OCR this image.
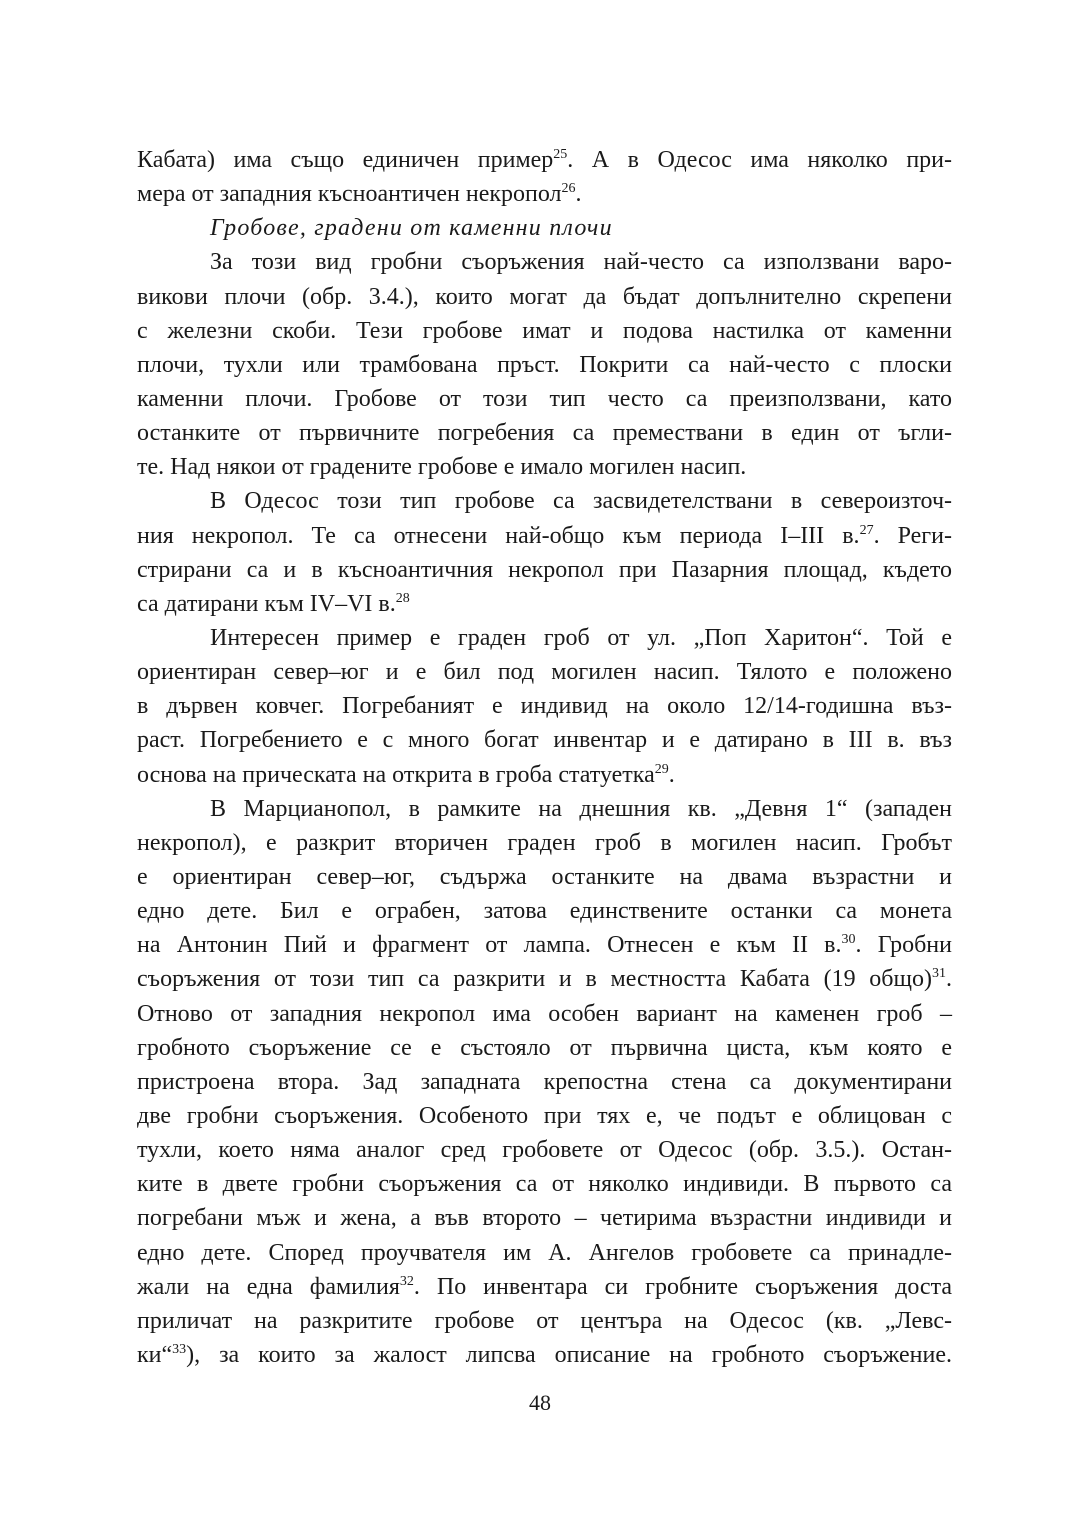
Кабата) има също единичен пример$^{25}$. А в Одесос има няколко при-
мера от западния късноантичен некропол$^{26}$.
Гробове, градени от каменни плочи
За този вид гробни съоръжения най-често са използвани варо-
викови плочи (обр. 3.4.), които могат да бъдат допълнително скрепени
с железни скоби. Тези гробове имат и подова настилка от каменни
плочи, тухли или трамбована пръст. Покрити са най-често с плоски
каменни плочи. Гробове от този тип често са преизползвани, като
останките от първичните погребения са премествани в един от ъгли-
те. Над някои от градените гробове е имало могилен насип.
В Одесос този тип гробове са засвидетелствани в североизточ-
ния некропол. Те са отнесени най-общо към периода I–III в.$^{27}$. Реги-
стрирани са и в късноантичния некропол при Пазарния площад, където
са датирани към IV–VI в.$^{28}$
Интересен пример е граден гроб от ул. „Поп Харитон“. Той е
ориентиран север–юг и е бил под могилен насип. Тялото е положено
в дървен ковчег. Погребаният е индивид на около 12/14-годишна въз-
раст. Погребението е с много богат инвентар и е датирано в III в. въз
основа на прическата на открита в гроба статуетка$^{29}$.
В Марцианопол, в рамките на днешния кв. „Девня 1“ (западен
некропол), е разкрит вторичен граден гроб в могилен насип. Гробът
е ориентиран север–юг, съдържа останките на двама възрастни и
едно дете. Бил е ограбен, затова единствените останки са монета
на Антонин Пий и фрагмент от лампа. Отнесен е към II в.$^{30}$. Гробни
съоръжения от този тип са разкрити и в местността Кабата (19 общо)$^{31}$.
Отново от западния некропол има особен вариант на каменен гроб –
гробното съоръжение се е състояло от първична циста, към която е
пристроена втора. Зад западната крепостна стена са документирани
две гробни съоръжения. Особеното при тях е, че подът е облицован с
тухли, което няма аналог сред гробовете от Одесос (обр. 3.5.). Остан-
ките в двете гробни съоръжения са от няколко индивиди. В първото са
погребани мъж и жена, а във второто – четирима възрастни индивиди и
едно дете. Според проучвателя им А. Ангелов гробовете са принадле-
жали на една фамилия$^{32}$. По инвентара си гробните съоръжения доста
приличат на разкритите гробове от центъра на Одесос (кв. „Левс-
ки“$^{33}$), за които за жалост липсва описание на гробното съоръжение.
48
